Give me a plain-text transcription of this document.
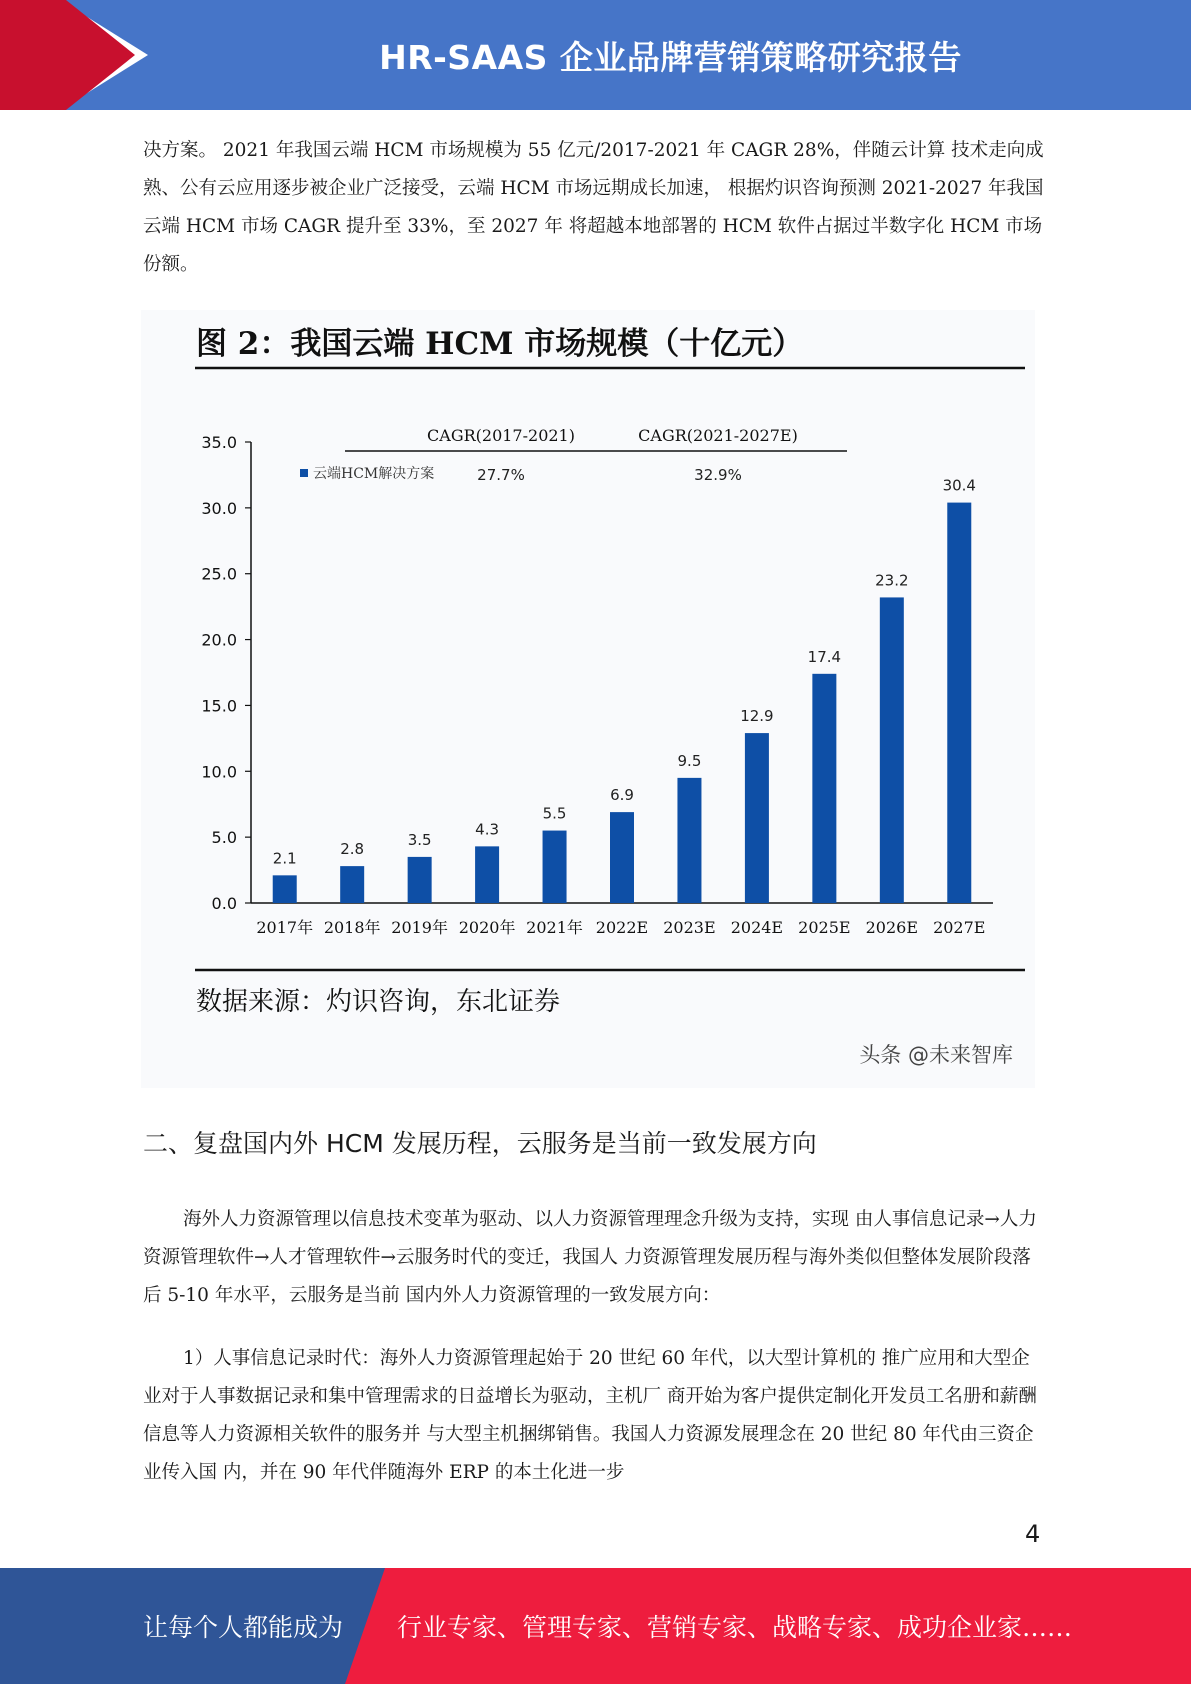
HR-SAAS 企业品牌营销策略研究报告

决方案。 2021 年我国云端 HCM 市场规模为 55 亿元/2017-2021 年 CAGR 28%，伴随云计算 技术走向成熟、公有云应用逐步被企业广泛接受，云端 HCM 市场远期成长加速， 根据灼识咨询预测 2021-2027 年我国云端 HCM 市场 CAGR 提升至 33%，至 2027 年 将超越本地部署的 HCM 软件占据过半数字化 HCM 市场份额。

图 2：我国云端 HCM 市场规模（十亿元）
0.0
5.0
10.0
15.0
20.0
25.0
30.0
35.0
2.1
2017年
2.8
2018年
3.5
2019年
4.3
2020年
5.5
2021年
6.9
2022E
9.5
2023E
12.9
2024E
17.4
2025E
23.2
2026E
30.4
2027E
云端HCM解决方案
CAGR(2017-2021)
27.7%
CAGR(2021-2027E)
32.9%
数据来源：灼识咨询，东北证券
头条 @未来智库
二、复盘国内外 HCM 发展历程，云服务是当前一致发展方向

海外人力资源管理以信息技术变革为驱动、以人力资源管理理念升级为支持，实现 由人事信息记录→人力资源管理软件→人才管理软件→云服务时代的变迁，我国人 力资源管理发展历程与海外类似但整体发展阶段落后 5-10 年水平，云服务是当前 国内外人力资源管理的一致发展方向：

1）人事信息记录时代：海外人力资源管理起始于 20 世纪 60 年代，以大型计算机的 推广应用和大型企业对于人事数据记录和集中管理需求的日益增长为驱动，主机厂 商开始为客户提供定制化开发员工名册和薪酬信息等人力资源相关软件的服务并 与大型主机捆绑销售。我国人力资源发展理念在 20 世纪 80 年代由三资企业传入国 内，并在 90 年代伴随海外 ERP 的本土化进一步

4
让每个人都能成为 行业专家、管理专家、营销专家、战略专家、成功企业家……
